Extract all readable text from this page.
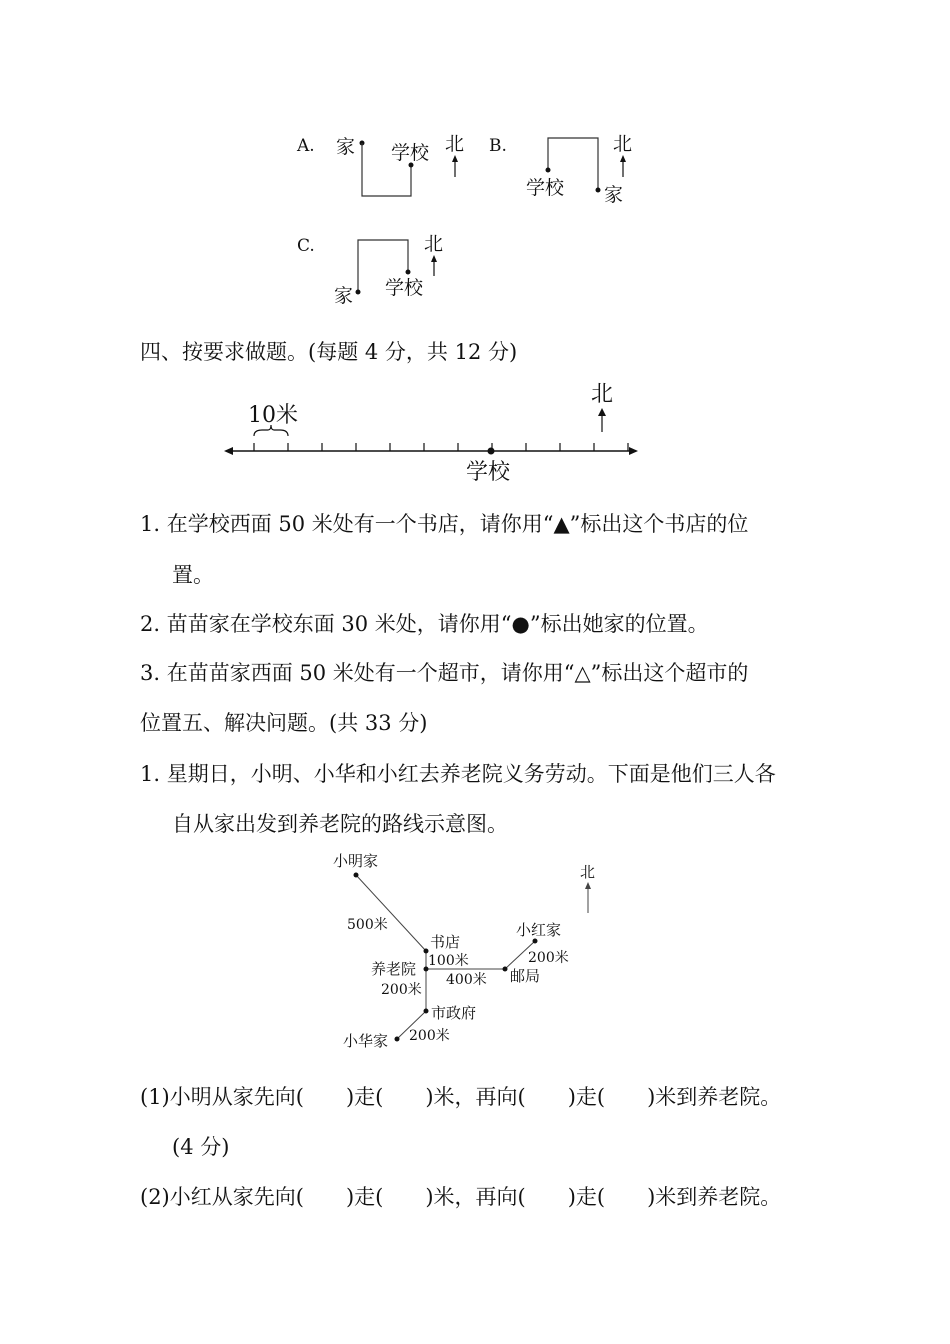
A. 家 学校 北 B.
学校 家
北
C.
家 学校
北
四、按要求做题。(每题 4 分，共 12 分)
10米
学校
北
1. 在学校西面 50 米处有一个书店，请你用“▲”标出这个书店的位
置。
2. 苗苗家在学校东面 30 米处，请你用“●”标出她家的位置。
3. 在苗苗家西面 50 米处有一个超市，请你用“△”标出这个超市的
位置五、解决问题。(共 33 分)
1. 星期日，小明、小华和小红去养老院义务劳动。下面是他们三人各
自从家出发到养老院的路线示意图。
小明家
500米
书店
100米
养老院
400米
200米
小红家
200米
邮局
市政府
小华家 200米
北
(1)小明从家先向(　　)走(　　)米，再向(　　)走(　　)米到养老院。
(4 分)
(2)小红从家先向(　　)走(　　)米，再向(　　)走(　　)米到养老院。
